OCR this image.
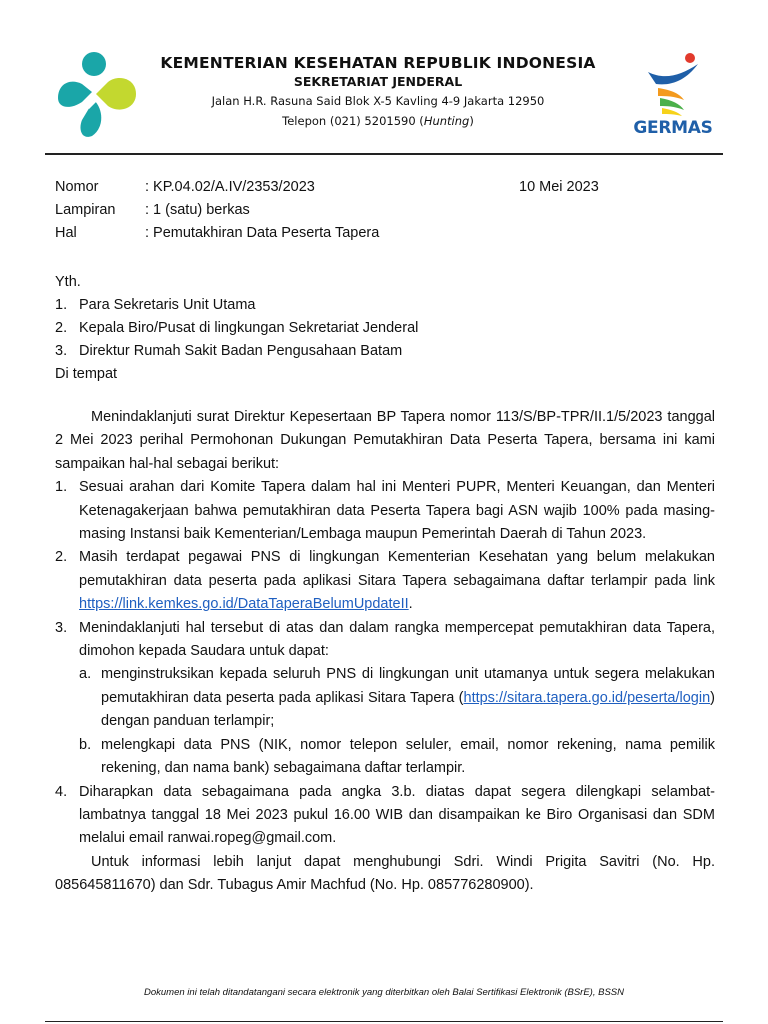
KEMENTERIAN KESEHATAN REPUBLIK INDONESIA
SEKRETARIAT JENDERAL
Jalan H.R. Rasuna Said Blok X-5 Kavling 4-9 Jakarta 12950
Telepon (021) 5201590 (Hunting)	GERMAS
Nomor	: KP.04.02/A.IV/2353/2023	10 Mei 2023
Lampiran	: 1 (satu) berkas
Hal	: Pemutakhiran Data Peserta Tapera
Yth.
1. Para Sekretaris Unit Utama
2. Kepala Biro/Pusat di lingkungan Sekretariat Jenderal
3. Direktur Rumah Sakit Badan Pengusahaan Batam
Di tempat

Menindaklanjuti surat Direktur Kepesertaan BP Tapera nomor 113/S/BP-TPR/II.1/5/2023 tanggal 2 Mei 2023 perihal Permohonan Dukungan Pemutakhiran Data Peserta Tapera, bersama ini kami sampaikan hal-hal sebagai berikut:

1. Sesuai arahan dari Komite Tapera dalam hal ini Menteri PUPR, Menteri Keuangan, dan Menteri Ketenagakerjaan bahwa pemutakhiran data Peserta Tapera bagi ASN wajib 100% pada masing-masing Instansi baik Kementerian/Lembaga maupun Pemerintah Daerah di Tahun 2023.
2. Masih terdapat pegawai PNS di lingkungan Kementerian Kesehatan yang belum melakukan pemutakhiran data peserta pada aplikasi Sitara Tapera sebagaimana daftar terlampir pada link https://link.kemkes.go.id/DataTaperaBelumUpdateII.
3. Menindaklanjuti hal tersebut di atas dan dalam rangka mempercepat pemutakhiran data Tapera, dimohon kepada Saudara untuk dapat:
a. menginstruksikan kepada seluruh PNS di lingkungan unit utamanya untuk segera melakukan pemutakhiran data peserta pada aplikasi Sitara Tapera (https://sitara.tapera.go.id/peserta/login) dengan panduan terlampir;
b. melengkapi data PNS (NIK, nomor telepon seluler, email, nomor rekening, nama pemilik rekening, dan nama bank) sebagaimana daftar terlampir.
4. Diharapkan data sebagaimana pada angka 3.b. diatas dapat segera dilengkapi selambat-lambatnya tanggal 18 Mei 2023 pukul 16.00 WIB dan disampaikan ke Biro Organisasi dan SDM melalui email ranwai.ropeg@gmail.com.

Untuk informasi lebih lanjut dapat menghubungi Sdri. Windi Prigita Savitri (No. Hp. 085645811670) dan Sdr. Tubagus Amir Machfud (No. Hp. 085776280900).

Dokumen ini telah ditandatangani secara elektronik yang diterbitkan oleh Balai Sertifikasi Elektronik (BSrE), BSSN
